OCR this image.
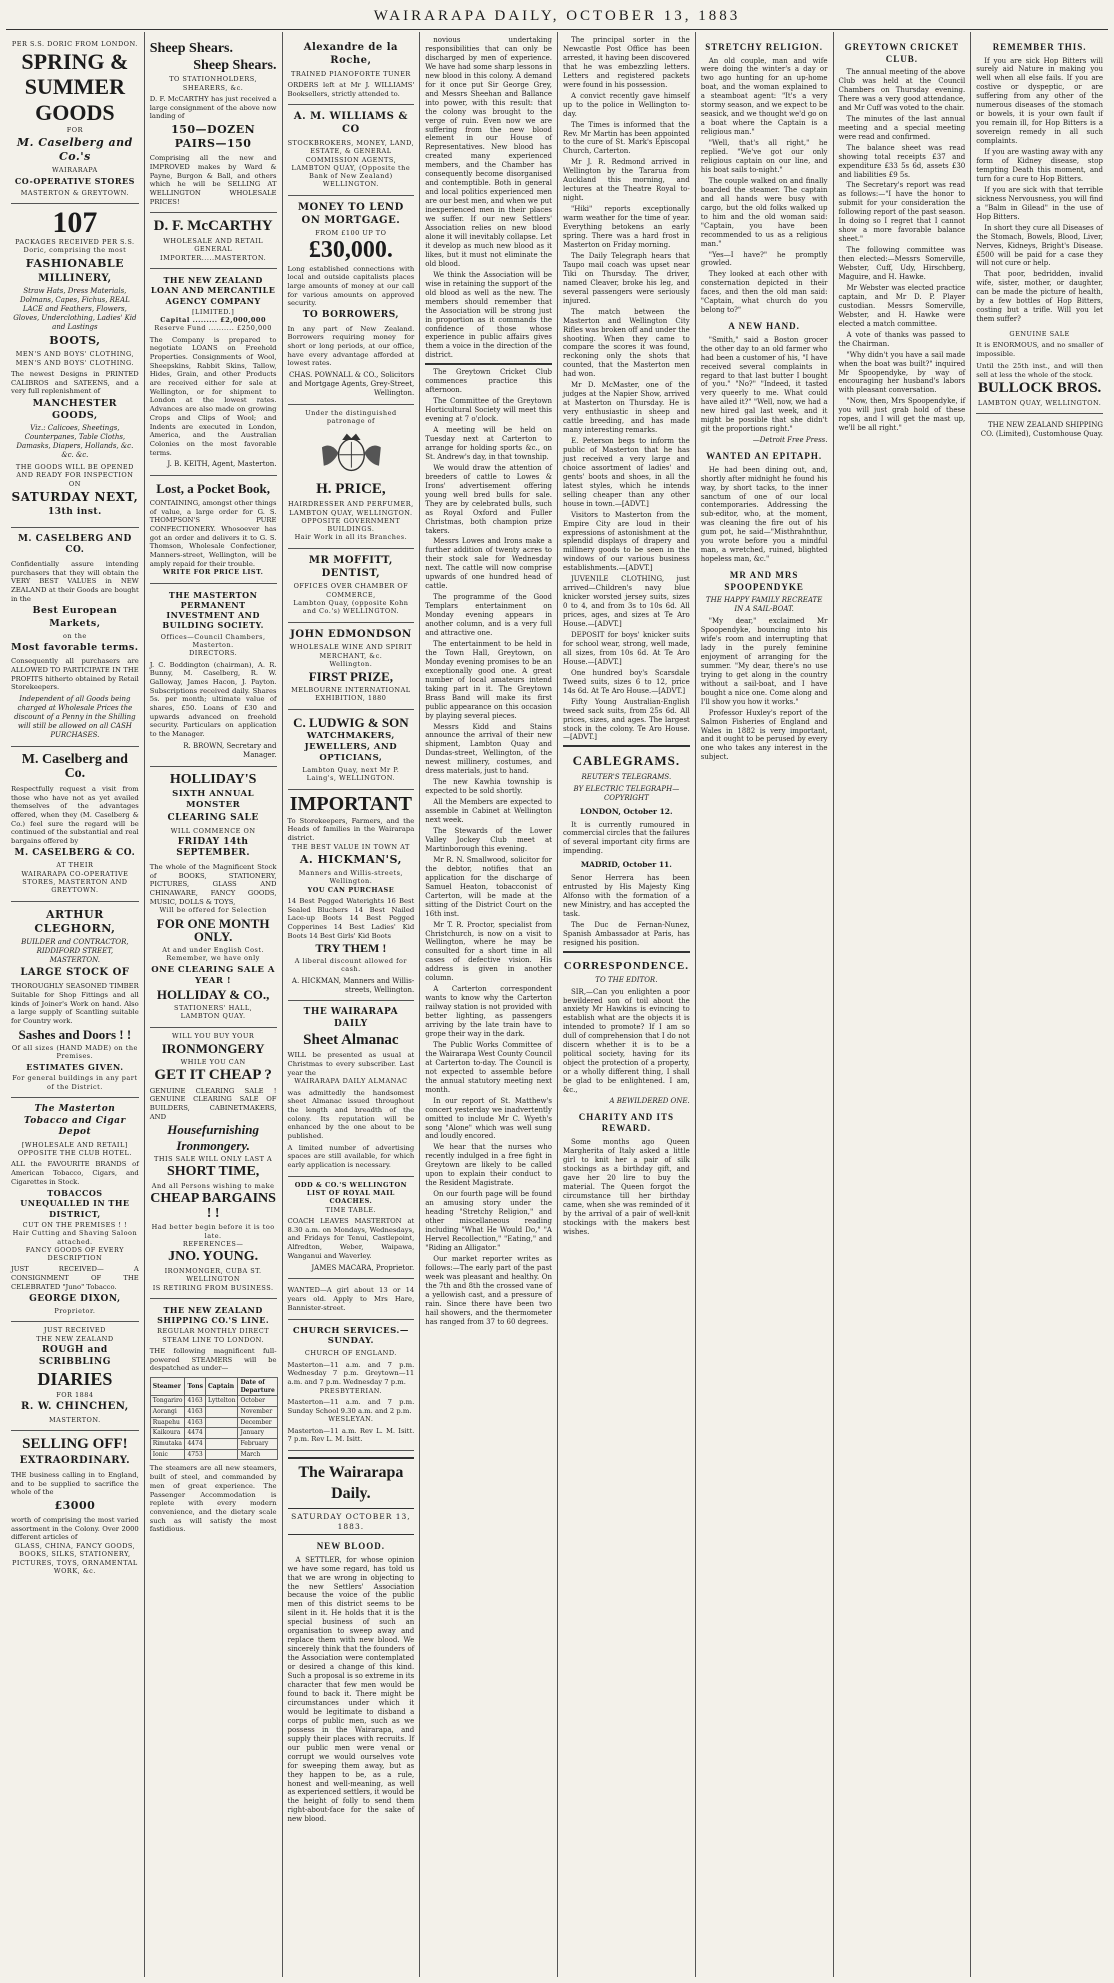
WAIRARAPA DAILY, OCTOBER 13, 1883
PER S.S. DORIC FROM LONDON.
SPRING &
SUMMER
GOODS
FOR
M. Caselberg and Co.'s
WAIRARAPA
CO-OPERATIVE STORES
MASTERTON & GREYTOWN.
107
PACKAGES RECEIVED PER S.S. Doric, comprising the most
FASHIONABLE
MILLINERY,
Straw Hats, Dress Materials, Dolmans, Capes, Fichus, REAL LACE and Feathers, Flowers, Gloves, Underclothing, Ladies' Kid and Lastings
BOOTS,
MEN'S AND BOYS' CLOTHING, MEN'S AND BOYS' CLOTHING.
The newest Designs in PRINTED CALIBROS and SATEENS, and a very full replenishment of
MANCHESTER GOODS,
Viz.: Calicoes, Sheetings, Counterpanes, Table Cloths, Damasks, Diapers, Hollands, &c. &c. &c.
THE GOODS WILL BE OPENED AND READY FOR INSPECTION ON
SATURDAY NEXT,
13th inst.
M. CASELBERG AND CO.
Confidentially assure intending purchasers that they will obtain the VERY BEST VALUES in NEW ZEALAND at their Goods are bought in the
Best European Markets,
on the
Most favorable terms.
Consequently all purchasers are ALLOWED TO PARTICIPATE IN THE PROFITS hitherto obtained by Retail Storekeepers.
Independent of all Goods being charged at Wholesale Prices the discount of a Penny in the Shilling will still be allowed on all CASH PURCHASES.
M. Caselberg and Co.
Respectfully request a visit from those who have not as yet availed themselves of the advantages offered, when they (M. Caselberg & Co.) feel sure the regard will be continued of the substantial and real bargains offered by
M. CASELBERG & CO.
AT THEIR
WAIRARAPA CO-OPERATIVE STORES, MASTERTON AND GREYTOWN.
ARTHUR CLEGHORN,
BUILDER and CONTRACTOR, RIDDIFORD STREET, MASTERTON.
LARGE STOCK OF
THOROUGHLY SEASONED TIMBER Suitable for Shop Fittings and all kinds of Joiner's Work on hand. Also a large supply of Scantling suitable for Country work.
Sashes and Doors ! !
Of all sizes (HAND MADE) on the Premises.
ESTIMATES GIVEN.
For general buildings in any part of the District.
The Masterton Tobacco and Cigar Depot
[WHOLESALE AND RETAIL]
OPPOSITE THE CLUB HOTEL.
ALL the FAVOURITE BRANDS of American Tobacco, Cigars, and Cigarettes in Stock.
TOBACCOS UNEQUALLED IN THE DISTRICT,
CUT ON THE PREMISES ! !
Hair Cutting and Shaving Saloon attached.
FANCY GOODS OF EVERY DESCRIPTION
JUST RECEIVED— A CONSIGNMENT OF THE CELEBRATED "Juno" Tobacco.
GEORGE DIXON,
Proprietor.
JUST RECEIVED
THE NEW ZEALAND
ROUGH and SCRIBBLING
DIARIES
FOR 1884
R. W. CHINCHEN,
MASTERTON.
SELLING OFF!
EXTRAORDINARY.
THE business calling in to England, and to be supplied to sacrifice the whole of the
£3000
worth of comprising the most varied assortment in the Colony. Over 2000 different articles of
GLASS, CHINA, FANCY GOODS, BOOKS, SILKS, STATIONERY, PICTURES, TOYS, ORNAMENTAL WORK, &c.
Sheep Shears.
Sheep Shears.
TO STATIONHOLDERS, SHEARERS, &c.
D. F. McCARTHY has just received a large consignment of the above now landing of
150—DOZEN PAIRS—150
Comprising all the new and IMPROVED makes by Ward & Payne, Burgon & Ball, and others which he will be SELLING AT WELLINGTON WHOLESALE PRICES!
D. F. McCARTHY
WHOLESALE AND RETAIL
GENERAL IMPORTER.....MASTERTON.
THE NEW ZEALAND LOAN AND MERCANTILE AGENCY COMPANY
[LIMITED.]
Capital ......... £2,000,000
Reserve Fund .......... £250,000
The Company is prepared to negotiate LOANS on Freehold Properties. Consignments of Wool, Sheepskins, Rabbit Skins, Tallow, Hides, Grain, and other Products are received either for sale at Wellington, or for shipment to London at the lowest rates. Advances are also made on growing Crops and Clips of Wool; and Indents are executed in London, America, and the Australian Colonies on the most favorable terms.
J. B. KEITH, Agent, Masterton.
Lost, a Pocket Book,
CONTAINING, amongst other things of value, a large order for G. S. THOMPSON'S PURE CONFECTIONERY. Whosoever has got an order and delivers it to G. S. Thomson, Wholesale Confectioner, Manners-street, Wellington, will be amply repaid for their trouble.
WRITE FOR PRICE LIST.
THE MASTERTON PERMANENT INVESTMENT AND BUILDING SOCIETY.
Offices—Council Chambers, Masterton.
DIRECTORS.
J. C. Boddington (chairman), A. R. Bunny, M. Caselberg, R. W. Galloway, James Hacon, J. Payton. Subscriptions received daily. Shares 5s. per month; ultimate value of shares, £50. Loans of £30 and upwards advanced on freehold security. Particulars on application to the Manager.
R. BROWN, Secretary and Manager.
HOLLIDAY'S
SIXTH ANNUAL MONSTER
CLEARING SALE
WILL COMMENCE ON
FRIDAY 14th SEPTEMBER.
The whole of the Magnificent Stock of BOOKS, STATIONERY, PICTURES, GLASS AND CHINAWARE, FANCY GOODS, MUSIC, DOLLS & TOYS,
Will be offered for Selection
FOR ONE MONTH ONLY.
At and under English Cost.
Remember, we have only
ONE CLEARING SALE A YEAR !
HOLLIDAY & CO.,
STATIONERS' HALL,
LAMBTON QUAY.
WILL YOU BUY YOUR
IRONMONGERY
WHILE YOU CAN
GET IT CHEAP ?
GENUINE CLEARING SALE ! GENUINE CLEARING SALE OF BUILDERS, CABINETMAKERS, AND
Housefurnishing
Ironmongery.
THIS SALE WILL ONLY LAST A
SHORT TIME,
And all Persons wishing to make
CHEAP BARGAINS ! !
Had better begin before it is too late.
REFERENCES—
JNO. YOUNG.
IRONMONGER, CUBA ST. WELLINGTON
IS RETIRING FROM BUSINESS.
THE NEW ZEALAND SHIPPING CO.'S LINE.
REGULAR MONTHLY DIRECT STEAM LINE TO LONDON.
THE following magnificent full-powered STEAMERS will be despatched as under—
Steamer	Tons	Captain	Date of Departure
Tongariro	4163	Lyttelton	October
Aorangi	4163		November
Ruapehu	4163		December
Kaikoura	4474		January
Rimutaka	4474		February
Ionic	4753		March
The steamers are all new steamers, built of steel, and commanded by men of great experience. The Passenger Accommodation is replete with every modern convenience, and the dietary scale such as will satisfy the most fastidious.
Alexandre de la Roche,
TRAINED PIANOFORTE TUNER
ORDERS left at Mr J. WILLIAMS' Booksellers, strictly attended to.
A. M. WILLIAMS & CO
STOCKBROKERS, MONEY, LAND, ESTATE, & GENERAL COMMISSION AGENTS,
LAMBTON QUAY, (Opposite the Bank of New Zealand) WELLINGTON.
MONEY TO LEND ON MORTGAGE.
FROM £100 UP TO
£30,000.
Long established connections with local and outside capitalists places large amounts of money at our call for various amounts on approved security.
TO BORROWERS,
In any part of New Zealand. Borrowers requiring money for short or long periods, at our office, have every advantage afforded at lowest rates.
CHAS. POWNALL & CO., Solicitors and Mortgage Agents, Grey-Street, Wellington.
Under the distinguished patronage of
H. PRICE,
HAIRDRESSER AND PERFUMER,
LAMBTON QUAY, WELLINGTON.
OPPOSITE GOVERNMENT BUILDINGS.
Hair Work in all its Branches.
MR MOFFITT, DENTIST,
OFFICES OVER CHAMBER OF COMMERCE,
Lambton Quay, (opposite Kohn and Co.'s) WELLINGTON.
JOHN EDMONDSON
WHOLESALE WINE AND SPIRIT MERCHANT, &c.
Wellington.
FIRST PRIZE,
MELBOURNE INTERNATIONAL EXHIBITION, 1880
C. LUDWIG & SON
WATCHMAKERS, JEWELLERS, AND OPTICIANS,
Lambton Quay, next Mr P. Laing's, WELLINGTON.
IMPORTANT
To Storekeepers, Farmers, and the Heads of families in the Wairarapa district.
THE BEST VALUE IN TOWN AT
A. HICKMAN'S,
Manners and Willis-streets, Wellington.
YOU CAN PURCHASE
14 Best Pegged Waterights 16 Best Sealed Bluchers 14 Best Nailed Lace-up Boots 14 Best Pegged Copperines 14 Best Ladies' Kid Boots 14 Best Girls' Kid Boots
TRY THEM !
A liberal discount allowed for cash.
A. HICKMAN, Manners and Willis-streets, Wellington.
THE WAIRARAPA DAILY
Sheet Almanac
WILL be presented as usual at Christmas to every subscriber. Last year the
WAIRARAPA DAILY ALMANAC
was admittedly the handsomest sheet Almanac issued throughout the length and breadth of the colony. Its reputation will be enhanced by the one about to be published.
A limited number of advertising spaces are still available, for which early application is necessary.
ODD & CO.'S WELLINGTON LIST OF ROYAL MAIL COACHES.
TIME TABLE.
COACH LEAVES MASTERTON at 8.30 a.m. on Mondays, Wednesdays, and Fridays for Tenui, Castlepoint, Alfredton, Weber, Waipawa, Wanganui and Waverley.
JAMES MACARA, Proprietor.
WANTED—A girl about 13 or 14 years old. Apply to Mrs Hare, Bannister-street.
CHURCH SERVICES.—SUNDAY.
CHURCH OF ENGLAND.
Masterton—11 a.m. and 7 p.m. Wednesday 7 p.m. Greytown—11 a.m. and 7 p.m. Wednesday 7 p.m.
PRESBYTERIAN.
Masterton—11 a.m. and 7 p.m. Sunday School 9.30 a.m. and 2 p.m.
WESLEYAN.
Masterton—11 a.m. Rev L. M. Isitt. 7 p.m. Rev L. M. Isitt.
The Wairarapa Daily.
SATURDAY OCTOBER 13, 1883.
NEW BLOOD.

A SETTLER, for whose opinion we have some regard, has told us that we are wrong in objecting to the new Settlers' Association because the voice of the public men of this district seems to be silent in it. He holds that it is the special business of such an organisation to sweep away and replace them with new blood. We sincerely think that the founders of the Association were contemplated or desired a change of this kind. Such a proposal is so extreme in its character that few men would be found to back it. There might be circumstances under which it would be legitimate to disband a corps of public men, such as we possess in the Wairarapa, and supply their places with recruits. If our public men were venal or corrupt we would ourselves vote for sweeping them away, but as they happen to be, as a rule, honest and well-meaning, as well as experienced settlers, it would be the height of folly to send them right-about-face for the sake of new blood.

novious undertaking responsibilities that can only be discharged by men of experience. We have had some sharp lessons in new blood in this colony. A demand for it once put Sir George Grey, and Messrs Sheehan and Ballance into power, with this result: that the colony was brought to the verge of ruin. Even now we are suffering from the new blood element in our House of Representatives. New blood has created many experienced members, and the Chamber has consequently become disorganised and contemptible. Both in general and local politics experienced men are our best men, and when we put inexperienced men in their places we suffer. If our new Settlers' Association relies on new blood alone it will inevitably collapse. Let it develop as much new blood as it likes, but it must not eliminate the old blood.

We think the Association will be wise in retaining the support of the old blood as well as the new. The members should remember that the Association will be strong just in proportion as it commands the confidence of those whose experience in public affairs gives them a voice in the direction of the district.

The Greytown Cricket Club commences practice this afternoon.

The Committee of the Greytown Horticultural Society will meet this evening at 7 o'clock.

A meeting will be held on Tuesday next at Carterton to arrange for holding sports &c., on St. Andrew's day, in that township.

We would draw the attention of breeders of cattle to Lowes & Irons' advertisement offering young well bred bulls for sale. They are by celebrated bulls, such as Royal Oxford and Fuller Christmas, both champion prize takers.

Messrs Lowes and Irons make a further addition of twenty acres to their stock sale for Wednesday next. The cattle will now comprise upwards of one hundred head of cattle.

The programme of the Good Templars entertainment on Monday evening appears in another column, and is a very full and attractive one.

The entertainment to be held in the Town Hall, Greytown, on Monday evening promises to be an exceptionally good one. A great number of local amateurs intend taking part in it. The Greytown Brass Band will make its first public appearance on this occasion by playing several pieces.

Messrs Kidd and Stains announce the arrival of their new shipment, Lambton Quay and Dundas-street, Wellington, of the newest millinery, costumes, and dress materials, just to hand.

The new Kawhia township is expected to be sold shortly.

All the Members are expected to assemble in Cabinet at Wellington next week.

The Stewards of the Lower Valley Jockey Club meet at Martinborough this evening.

Mr R. N. Smallwood, solicitor for the debtor, notifies that an application for the discharge of Samuel Heaton, tobacconist of Carterton, will be made at the sitting of the District Court on the 16th inst.

Mr T. R. Proctor, specialist from Christchurch, is now on a visit to Wellington, where he may be consulted for a short time in all cases of defective vision. His address is given in another column.

A Carterton correspondent wants to know why the Carterton railway station is not provided with better lighting, as passengers arriving by the late train have to grope their way in the dark.

The Public Works Committee of the Wairarapa West County Council at Carterton to-day. The Council is not expected to assemble before the annual statutory meeting next month.

In our report of St. Matthew's concert yesterday we inadvertently omitted to include Mr C. Wyeth's song "Alone" which was well sung and loudly encored.

We hear that the nurses who recently indulged in a free fight in Greytown are likely to be called upon to explain their conduct to the Resident Magistrate.

On our fourth page will be found an amusing story under the heading "Stretchy Religion," and other miscellaneous reading including "What He Would Do," "A Hervel Recollection," "Eating," and "Riding an Alligator."

Our market reporter writes as follows:—The early part of the past week was pleasant and healthy. On the 7th and 8th the crossed vane of a yellowish cast, and a pressure of rain. Since there have been two hail showers, and the thermometer has ranged from 37 to 60 degrees.

The principal sorter in the Newcastle Post Office has been arrested, it having been discovered that he was embezzling letters. Letters and registered packets were found in his possession.

A convict recently gave himself up to the police in Wellington to-day.

The Times is informed that the Rev. Mr Martin has been appointed to the cure of St. Mark's Episcopal Church, Carterton.

Mr J. R. Redmond arrived in Wellington by the Tararua from Auckland this morning, and lectures at the Theatre Royal to-night.

"Hiki" reports exceptionally warm weather for the time of year. Everything betokens an early spring. There was a hard frost in Masterton on Friday morning.

The Daily Telegraph hears that Taupo mail coach was upset near Tiki on Thursday. The driver, named Cleaver, broke his leg, and several passengers were seriously injured.

The match between the Masterton and Wellington City Rifles was broken off and under the shooting. When they came to compare the scores it was found, reckoning only the shots that counted, that the Masterton men had won.

Mr D. McMaster, one of the judges at the Napier Show, arrived at Masterton on Thursday. He is very enthusiastic in sheep and cattle breeding, and has made many interesting remarks.

E. Peterson begs to inform the public of Masterton that he has just received a very large and choice assortment of ladies' and gents' boots and shoes, in all the latest styles, which he intends selling cheaper than any other house in town.—[ADVT.]

Visitors to Masterton from the Empire City are loud in their expressions of astonishment at the splendid displays of drapery and millinery goods to be seen in the windows of our various business establishments.—[ADVT.]

JUVENILE CLOTHING, just arrived—Children's navy blue knicker worsted jersey suits, sizes 0 to 4, and from 3s to 10s 6d. All prices, ages, and sizes at Te Aro House.—[ADVT.]

DEPOSIT for boys' knicker suits for school wear, strong, well made, all sizes, from 10s 6d. At Te Aro House.—[ADVT.]

One hundred boy's Scarsdale Tweed suits, sizes 6 to 12, price 14s 6d. At Te Aro House.—[ADVT.]

Fifty Young Australian-English tweed sack suits, from 25s 6d. All prices, sizes, and ages. The largest stock in the colony. Te Aro House.—[ADVT.]

CABLEGRAMS.
REUTER'S TELEGRAMS.
BY ELECTRIC TELEGRAPH—COPYRIGHT
LONDON, October 12.

It is currently rumoured in commercial circles that the failures of several important city firms are impending.

MADRID, October 11.

Senor Herrera has been entrusted by His Majesty King Alfonso with the formation of a new Ministry, and has accepted the task.

The Duc de Fernan-Nunez, Spanish Ambassador at Paris, has resigned his position.

CORRESPONDENCE.
TO THE EDITOR.

SIR,—Can you enlighten a poor bewildered son of toil about the anxiety Mr Hawkins is evincing to establish what are the objects it is intended to promote? If I am so dull of comprehension that I do not discern whether it is to be a political society, having for its object the protection of a property, or a wholly different thing, I shall be glad to be enlightened. I am, &c.,

A BEWILDERED ONE.
CHARITY AND ITS REWARD.

Some months ago Queen Margherita of Italy asked a little girl to knit her a pair of silk stockings as a birthday gift, and gave her 20 lire to buy the material. The Queen forgot the circumstance till her birthday came, when she was reminded of it by the arrival of a pair of well-knit stockings with the makers best wishes.

STRETCHY RELIGION.

An old couple, man and wife were doing the winter's a day or two ago hunting for an up-home boat, and the woman explained to a steamboat agent: "It's a very stormy season, and we expect to be seasick, and we thought we'd go on a boat where the Captain is a religious man."

"Well, that's all right," he replied. "We've got our only religious captain on our line, and his boat sails to-night."

The couple walked on and finally boarded the steamer. The captain and all hands were busy with cargo, but the old folks walked up to him and the old woman said: "Captain, you have been recommended to us as a religious man."

"Yes—I have?" he promptly growled.

They looked at each other with consternation depicted in their faces, and then the old man said: "Captain, what church do you belong to?"

A NEW HAND.

"Smith," said a Boston grocer the other day to an old farmer who had been a customer of his, "I have received several complaints in regard to that last butter I bought of you." "No?" "Indeed, it tasted very queerly to me. What could have ailed it?" "Well, now, we had a new hired gal last week, and it might be possible that she didn't git the proportions right."

—Detroit Free Press.
WANTED AN EPITAPH.

He had been dining out, and, shortly after midnight he found his way, by short tacks, to the inner sanctum of one of our local contemporaries. Addressing the sub-editor, who, at the moment, was cleaning the fire out of his gum pot, he said—"Misthrahnthur, you wrote before you a mindful man, a wretched, ruined, blighted hopeless man, &c."

MR AND MRS SPOOPENDYKE
THE HAPPY FAMILY RECREATE IN A SAIL-BOAT.

"My dear," exclaimed Mr Spoopendyke, bouncing into his wife's room and interrupting that lady in the purely feminine enjoyment of arranging for the summer. "My dear, there's no use trying to get along in the country without a sail-boat, and I have bought a nice one. Come along and I'll show you how it works."

Professor Huxley's report of the Salmon Fisheries of England and Wales in 1882 is very important, and it ought to be perused by every one who takes any interest in the subject.

GREYTOWN CRICKET CLUB.

The annual meeting of the above Club was held at the Council Chambers on Thursday evening. There was a very good attendance, and Mr Cuff was voted to the chair.

The minutes of the last annual meeting and a special meeting were read and confirmed.

The balance sheet was read showing total receipts £37 and expenditure £33 5s 6d, assets £30 and liabilities £9 5s.

The Secretary's report was read as follows:—"I have the honor to submit for your consideration the following report of the past season. In doing so I regret that I cannot show a more favorable balance sheet."

The following committee was then elected:—Messrs Somerville, Webster, Cuff, Udy, Hirschberg, Maguire, and H. Hawke.

Mr Webster was elected practice captain, and Mr D. P. Player custodian. Messrs Somerville, Webster, and H. Hawke were elected a match committee.

A vote of thanks was passed to the Chairman.

"Why didn't you have a sail made when the boat was built?" inquired Mr Spoopendyke, by way of encouraging her husband's labors with pleasant conversation.

"Now, then, Mrs Spoopendyke, if you will just grab hold of these ropes, and I will get the mast up, we'll be all right."

REMEMBER THIS.

If you are sick Hop Bitters will surely aid Nature in making you well when all else fails. If you are costive or dyspeptic, or are suffering from any other of the numerous diseases of the stomach or bowels, it is your own fault if you remain ill, for Hop Bitters is a sovereign remedy in all such complaints.

If you are wasting away with any form of Kidney disease, stop tempting Death this moment, and turn for a cure to Hop Bitters.

If you are sick with that terrible sickness Nervousness, you will find a "Balm in Gilead" in the use of Hop Bitters.

In short they cure all Diseases of the Stomach, Bowels, Blood, Liver, Nerves, Kidneys, Bright's Disease. £500 will be paid for a case they will not cure or help.

That poor, bedridden, invalid wife, sister, mother, or daughter, can be made the picture of health, by a few bottles of Hop Bitters, costing but a trifle. Will you let them suffer?

GENUINE SALE
It is ENORMOUS, and no smaller of impossible.
Until the 25th inst., and will then sell at less the whole of the stock.
BULLOCK BROS.
LAMBTON QUAY, WELLINGTON.
THE NEW ZEALAND SHIPPING CO. (Limited), Customhouse Quay.
